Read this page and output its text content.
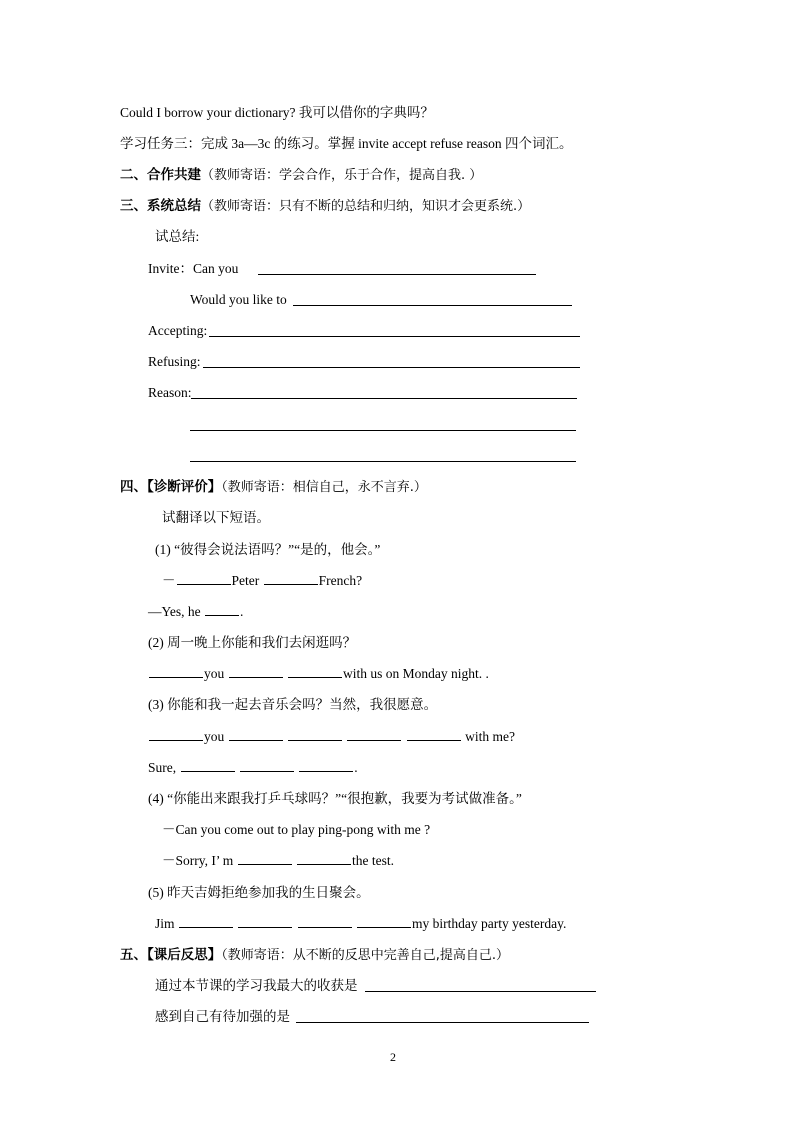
Could I borrow your dictionary? 我可以借你的字典吗？
学习任务三：完成 3a—3c 的练习。掌握 invite accept refuse reason 四个词汇。
二、合作共建（教师寄语：学会合作，乐于合作，提高自我. ）
三、系统总结（教师寄语：只有不断的总结和归纳，知识才会更系统.）
试总结:
Invite：Can you
Would you like to
Accepting:
Refusing:
Reason:
四、【诊断评价】（教师寄语：相信自己，永不言弃.）
试翻译以下短语。
(1) “彼得会说法语吗？”“是的，他会。”
－	Peter	French?
—Yes, he	.
(2) 周一晚上你能和我们去闲逛吗？
you	with us on Monday night. .
(3) 你能和我一起去音乐会吗？当然，我很愿意。
you	with me?
Sure,	.
(4) “你能出来跟我打乒乓球吗？”“很抱歉，我要为考试做准备。”
－Can you come out to play ping-pong with me ?
－Sorry, I’ m	the test.
(5) 昨天吉姆拒绝参加我的生日聚会。
Jim	my birthday party yesterday.
五、【课后反思】（教师寄语：从不断的反思中完善自己,提高自己.）
通过本节课的学习我最大的收获是
感到自己有待加强的是
2
